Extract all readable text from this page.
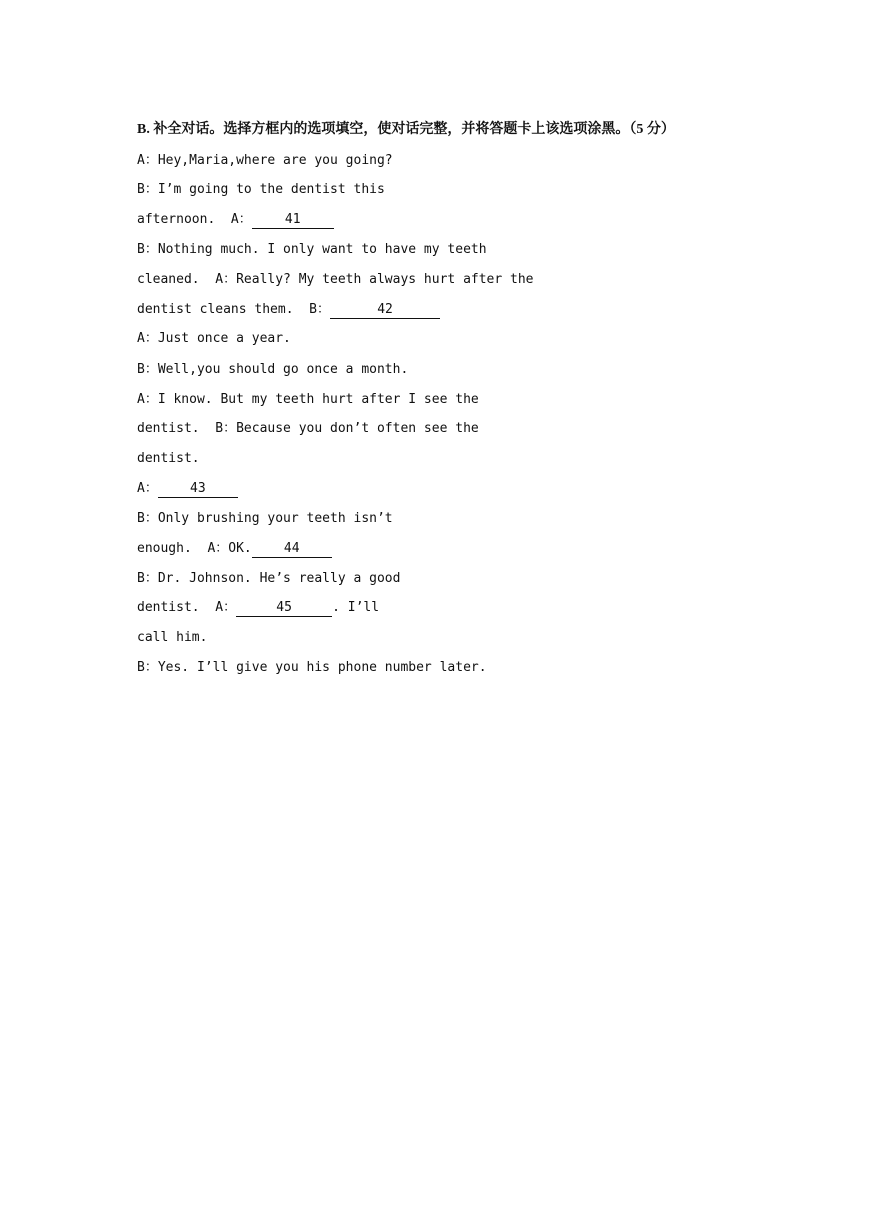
B. 补全对话。选择方框内的选项填空，使对话完整，并将答题卡上该选项涂黑。（5 分）
A：Hey,Maria,where are you going?
B：I’m going to the dentist this
afternoon.  A：	41
B：Nothing much. I only want to have my teeth
cleaned.  A：Really? My teeth always hurt after the
dentist cleans them.  B：	42
A：Just once a year.
B：Well,you should go once a month.
A：I know. But my teeth hurt after I see the
dentist.  B：Because you don’t often see the
dentist.
A： 43
B：Only brushing your teeth isn’t
enough.  A：OK. 44
B：Dr. Johnson. He’s really a good
dentist.  A：	45	. I’ll
call him.
B：Yes. I’ll give you his phone number later.
